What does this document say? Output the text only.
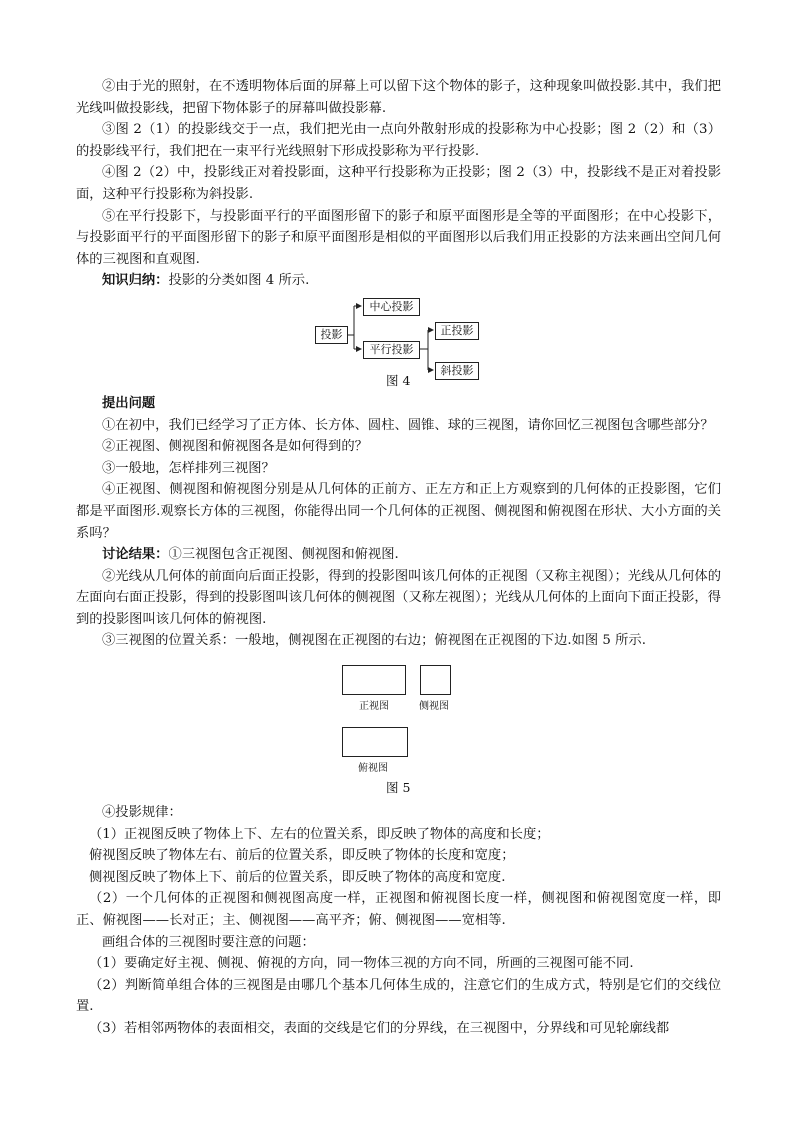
②由于光的照射，在不透明物体后面的屏幕上可以留下这个物体的影子，这种现象叫做投影.其中，我们把光线叫做投影线，把留下物体影子的屏幕叫做投影幕.

③图 2（1）的投影线交于一点，我们把光由一点向外散射形成的投影称为中心投影；图 2（2）和（3）的投影线平行，我们把在一束平行光线照射下形成投影称为平行投影.

④图 2（2）中，投影线正对着投影面，这种平行投影称为正投影；图 2（3）中，投影线不是正对着投影面，这种平行投影称为斜投影.

⑤在平行投影下，与投影面平行的平面图形留下的影子和原平面图形是全等的平面图形；在中心投影下，与投影面平行的平面图形留下的影子和原平面图形是相似的平面图形以后我们用正投影的方法来画出空间几何体的三视图和直观图.

知识归纳：投影的分类如图 4 所示.

投影
中心投影
平行投影
正投影
斜投影
图 4

提出问题

①在初中，我们已经学习了正方体、长方体、圆柱、圆锥、球的三视图，请你回忆三视图包含哪些部分？

②正视图、侧视图和俯视图各是如何得到的？

③一般地，怎样排列三视图？

④正视图、侧视图和俯视图分别是从几何体的正前方、正左方和正上方观察到的几何体的正投影图，它们都是平面图形.观察长方体的三视图，你能得出同一个几何体的正视图、侧视图和俯视图在形状、大小方面的关系吗？

讨论结果：①三视图包含正视图、侧视图和俯视图.

②光线从几何体的前面向后面正投影，得到的投影图叫该几何体的正视图（又称主视图）；光线从几何体的左面向右面正投影，得到的投影图叫该几何体的侧视图（又称左视图）；光线从几何体的上面向下面正投影，得到的投影图叫该几何体的俯视图.

③三视图的位置关系：一般地，侧视图在正视图的右边；俯视图在正视图的下边.如图 5 所示.

正视图	侧视图
俯视图
图 5

④投影规律：

（1）正视图反映了物体上下、左右的位置关系，即反映了物体的高度和长度；

俯视图反映了物体左右、前后的位置关系，即反映了物体的长度和宽度；

侧视图反映了物体上下、前后的位置关系，即反映了物体的高度和宽度.

（2）一个几何体的正视图和侧视图高度一样，正视图和俯视图长度一样，侧视图和俯视图宽度一样，即正、俯视图——长对正；主、侧视图——高平齐；俯、侧视图——宽相等.

画组合体的三视图时要注意的问题：

（1）要确定好主视、侧视、俯视的方向，同一物体三视的方向不同，所画的三视图可能不同.

（2）判断简单组合体的三视图是由哪几个基本几何体生成的，注意它们的生成方式，特别是它们的交线位置.

（3）若相邻两物体的表面相交，表面的交线是它们的分界线，在三视图中，分界线和可见轮廓线都
